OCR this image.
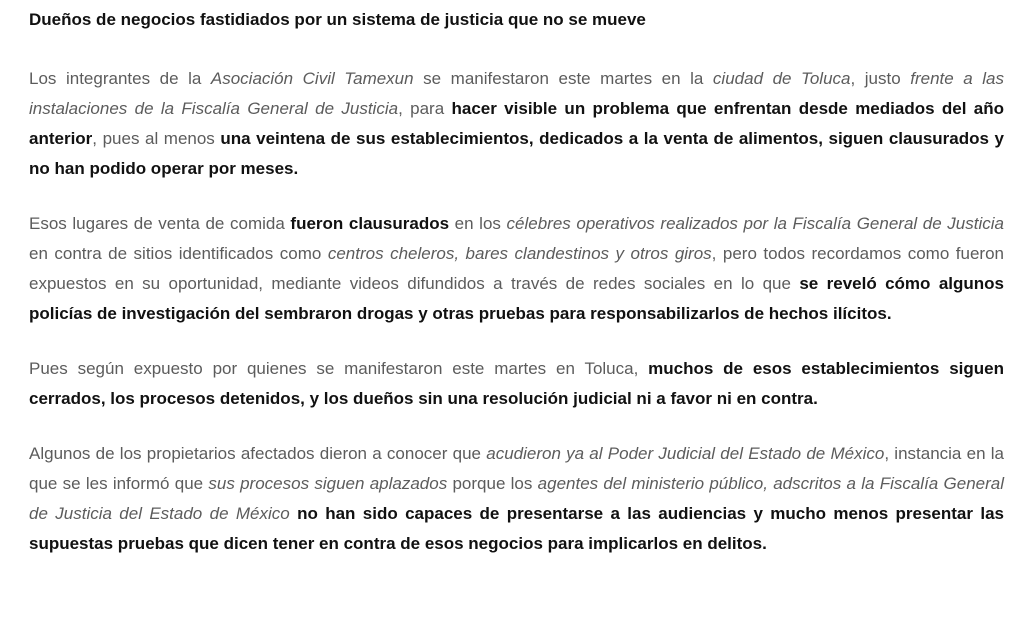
Dueños de negocios fastidiados por un sistema de justicia que no se mueve

Los integrantes de la Asociación Civil Tamexun se manifestaron este martes en la ciudad de Toluca, justo frente a las instalaciones de la Fiscalía General de Justicia, para hacer visible un problema que enfrentan desde mediados del año anterior, pues al menos una veintena de sus establecimientos, dedicados a la venta de alimentos, siguen clausurados y no han podido operar por meses.

Esos lugares de venta de comida fueron clausurados en los célebres operativos realizados por la Fiscalía General de Justicia en contra de sitios identificados como centros cheleros, bares clandestinos y otros giros, pero todos recordamos como fueron expuestos en su oportunidad, mediante videos difundidos a través de redes sociales en lo que se reveló cómo algunos policías de investigación del sembraron drogas y otras pruebas para responsabilizarlos de hechos ilícitos.

Pues según expuesto por quienes se manifestaron este martes en Toluca, muchos de esos establecimientos siguen cerrados, los procesos detenidos, y los dueños sin una resolución judicial ni a favor ni en contra.

Algunos de los propietarios afectados dieron a conocer que acudieron ya al Poder Judicial del Estado de México, instancia en la que se les informó que sus procesos siguen aplazados porque los agentes del ministerio público, adscritos a la Fiscalía General de Justicia del Estado de México no han sido capaces de presentarse a las audiencias y mucho menos presentar las supuestas pruebas que dicen tener en contra de esos negocios para implicarlos en delitos.
